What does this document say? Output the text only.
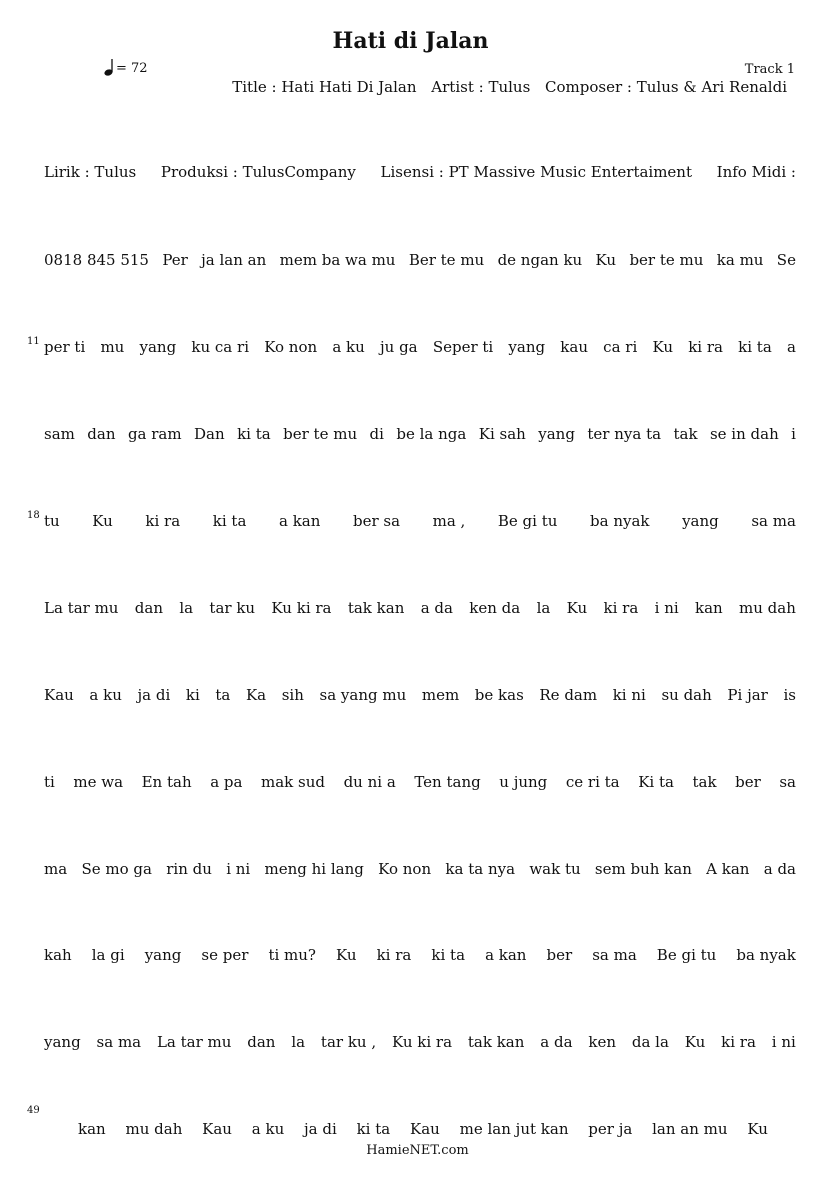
Hati di Jalan
= 72	Track 1
Title : Hati Hati Di Jalan Artist : Tulus Composer : Tulus & Ari Renaldi
11
18
49
Lirik : Tulus Produksi : TulusCompany Lisensi : PT Massive Music Entertaiment Info Midi :
0818 845 515 Per ja lan an mem ba wa mu Ber te mu de ngan ku Ku ber te mu ka mu Se
per ti mu yang ku ca ri Ko non a ku ju ga Seper ti yang kau ca ri Ku ki ra ki ta a
sam dan ga ram Dan ki ta ber te mu di be la nga Ki sah yang ter nya ta tak se in dah i
tu Ku ki ra ki ta a kan ber sa ma , Be gi tu ba nyak yang sa ma
La tar mu dan la tar ku Ku ki ra tak kan a da ken da la Ku ki ra i ni kan mu dah
Kau a ku ja di ki ta Ka sih sa yang mu mem be kas Re dam ki ni su dah Pi jar is
ti me wa En tah a pa mak sud du ni a Ten tang u jung ce ri ta Ki ta tak ber sa
ma Se mo ga rin du i ni meng hi lang Ko non ka ta nya wak tu sem buh kan A kan a da
kah la gi yang se per ti mu? Ku ki ra ki ta a kan ber sa ma Be gi tu ba nyak
yang sa ma La tar mu dan la tar ku , Ku ki ra tak kan a da ken da la Ku ki ra i ni
kan mu dah Kau a ku ja di ki ta Kau me lan jut kan per ja lan an mu Ku
HamieNET.com
